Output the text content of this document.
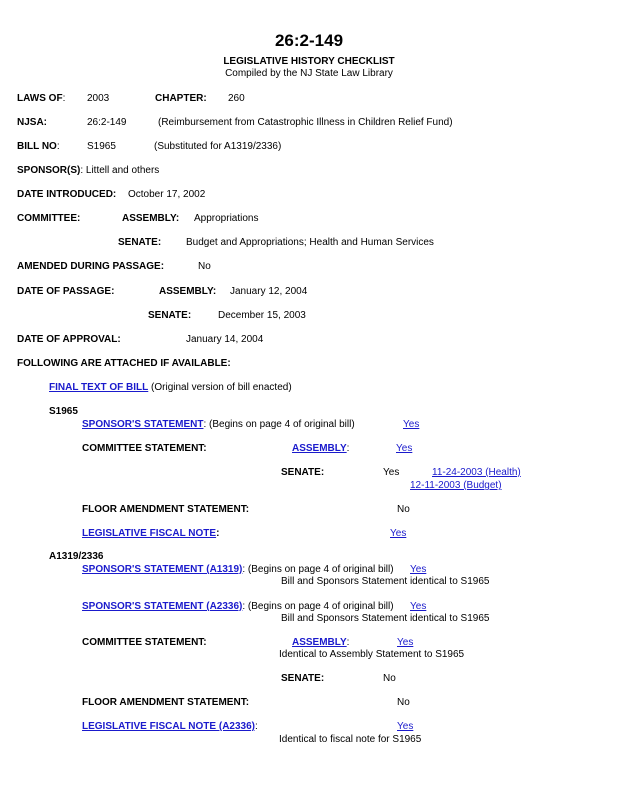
26:2-149
LEGISLATIVE HISTORY CHECKLIST
Compiled by the NJ State Law Library
LAWS OF: 2003	CHAPTER: 260
NJSA:	26:2-149	(Reimbursement from Catastrophic Illness in Children Relief Fund)
BILL NO:	S1965	(Substituted for A1319/2336)
SPONSOR(S): Littell and others
DATE INTRODUCED: October 17, 2002
COMMITTEE:	ASSEMBLY: Appropriations
SENATE: Budget and Appropriations; Health and Human Services
AMENDED DURING PASSAGE:	No
DATE OF PASSAGE:	ASSEMBLY: January 12, 2004
SENATE:	December 15, 2003
DATE OF APPROVAL:	January 14, 2004
FOLLOWING ARE ATTACHED IF AVAILABLE:
FINAL TEXT OF BILL (Original version of bill enacted)
S1965
SPONSOR'S STATEMENT: (Begins on page 4 of original bill)	Yes
COMMITTEE STATEMENT:	ASSEMBLY:	Yes
SENATE:	Yes	11-24-2003 (Health)
12-11-2003 (Budget)
FLOOR AMENDMENT STATEMENT:	No
LEGISLATIVE FISCAL NOTE:	Yes
A1319/2336
SPONSOR'S STATEMENT (A1319): (Begins on page 4 of original bill) Yes
Bill and Sponsors Statement identical to S1965
SPONSOR'S STATEMENT (A2336): (Begins on page 4 of original bill) Yes
Bill and Sponsors Statement identical to S1965
COMMITTEE STATEMENT:	ASSEMBLY:	Yes
Identical to Assembly Statement to S1965
SENATE:	No
FLOOR AMENDMENT STATEMENT:	No
LEGISLATIVE FISCAL NOTE (A2336):	Yes
Identical to fiscal note for S1965
